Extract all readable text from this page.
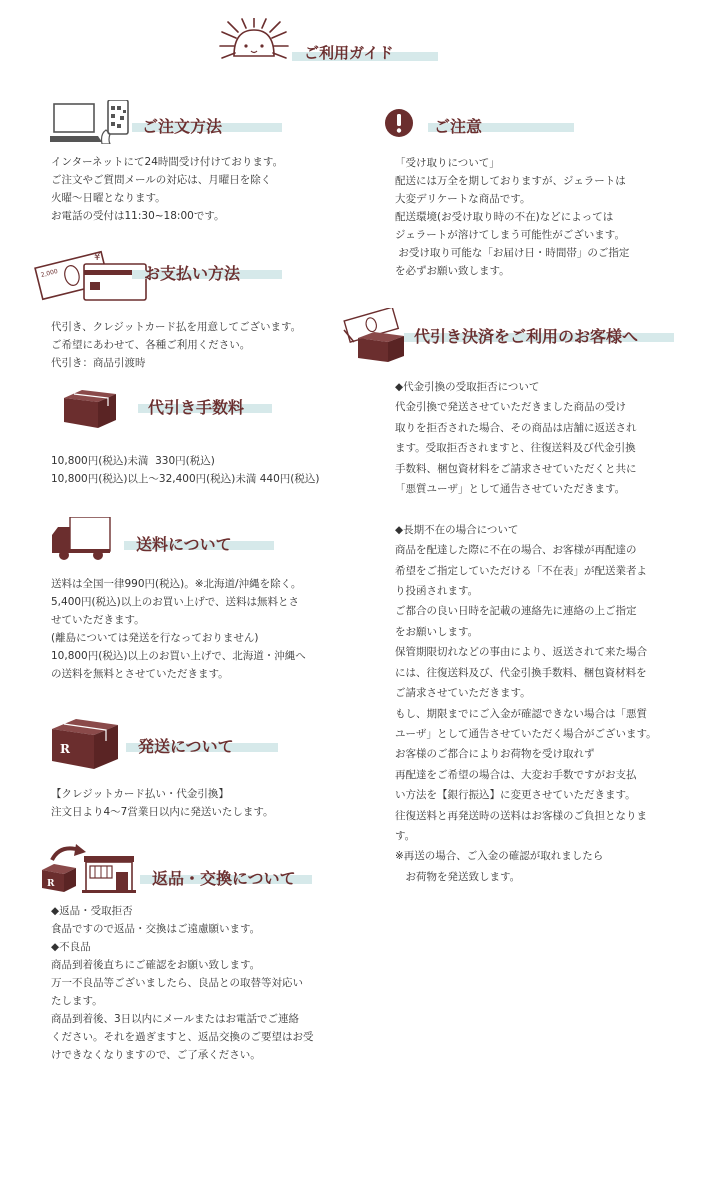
ご利用ガイド
ご注文方法

インターネットにて24時間受け付けております。

ご注文やご質問メールの対応は、月曜日を除く

火曜〜日曜となります。

お電話の受付は11:30~18:00です。

2,000
¥
お支払い方法

代引き、クレジットカード払を用意してございます。

ご希望にあわせて、各種ご利用ください。

代引き：商品引渡時

代引き手数料

10,800円(税込)未満  330円(税込)

10,800円(税込)以上〜32,400円(税込)未満 440円(税込)

送料について

送料は全国一律990円(税込)。※北海道/沖縄を除く。

5,400円(税込)以上のお買い上げで、送料は無料とさ

せていただきます。

(離島については発送を行なっておりません)

10,800円(税込)以上のお買い上げで、北海道・沖縄へ

の送料を無料とさせていただきます。

R	発送について

【クレジットカード払い・代金引換】

注文日より4〜7営業日以内に発送いたします。

R	返品・交換について

◆返品・受取拒否

食品ですので返品・交換はご遠慮願います。

◆不良品

商品到着後直ちにご確認をお願い致します。

万一不良品等ございましたら、良品との取替等対応い

たします。

商品到着後、3日以内にメールまたはお電話でご連絡

ください。それを過ぎますと、返品交換のご要望はお受

けできなくなりますので、ご了承ください。

ご注意

「受け取りについて」

配送には万全を期しておりますが、ジェラートは

大変デリケートな商品です。

配送環境(お受け取り時の不在)などによっては

ジェラートが溶けてしまう可能性がございます。

お受け取り可能な「お届け日・時間帯」のご指定

を必ずお願い致します。

代引き決済をご利用のお客様へ

◆代金引換の受取拒否について

代金引換で発送させていただきました商品の受け

取りを拒否された場合、その商品は店舗に返送され

ます。受取拒否されますと、往復送料及び代金引換

手数料、梱包資材料をご請求させていただくと共に

「悪質ユーザ」として通告させていただきます。

◆長期不在の場合について

商品を配達した際に不在の場合、お客様が再配達の

希望をご指定していただける「不在表」が配送業者よ

り投函されます。

ご都合の良い日時を記載の連絡先に連絡の上ご指定

をお願いします。

保管期限切れなどの事由により、返送されて来た場合

には、往復送料及び、代金引換手数料、梱包資材料を

ご請求させていただきます。

もし、期限までにご入金が確認できない場合は「悪質

ユーザ」として通告させていただく場合がございます。

お客様のご都合によりお荷物を受け取れず

再配達をご希望の場合は、大変お手数ですがお支払

い方法を【銀行振込】に変更させていただきます。

往復送料と再発送時の送料はお客様のご負担となりま

す。

※再送の場合、ご入金の確認が取れましたら

　お荷物を発送致します。
